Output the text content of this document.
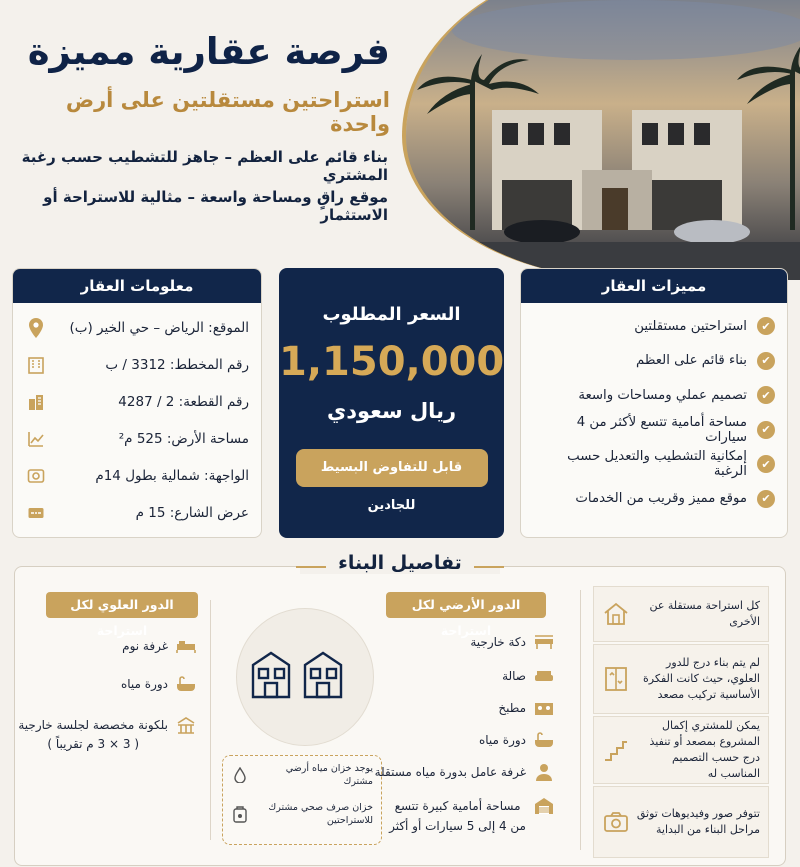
فرصة عقارية مميزة
استراحتين مستقلتين على أرض واحدة
بناء قائم على العظم – جاهز للتشطيب حسب رغبة المشتري
موقع راقٍ ومساحة واسعة – مثالية للاستراحة أو الاستثمار
معلومات العقار
الموقع: الرياض – حي الخير (ب)
رقم المخطط: 3312 / ب
رقم القطعة: 2 / 4287
مساحة الأرض: 525 م²
الواجهة: شمالية بطول 14م
عرض الشارع: 15 م
السعر المطلوب
1,150,000
ريال سعودي
قابل للتفاوض البسيط للجادين
مميزات العقار
✔
استراحتين مستقلتين
✔
بناء قائم على العظم
✔
تصميم عملي ومساحات واسعة
✔
مساحة أمامية تتسع لأكثر من 4 سيارات
✔
إمكانية التشطيب والتعديل حسب الرغبة
✔
موقع مميز وقريب من الخدمات
تفاصيل البناء
الدور العلوي لكل استراحة
غرفة نوم
دورة مياه
بلكونة مخصصة لجلسة خارجية
( 3 × 3 م تقريباً )
يوجد خزان مياه أرضي مشترك
خزان صرف صحي مشترك للاستراحتين
الدور الأرضي لكل استراحة
دكة خارجية
صالة
مطبخ
دورة مياه
غرفة عامل بدورة مياه مستقلة
مساحة أمامية كبيرة تتسع
من 4 إلى 5 سيارات أو أكثر
كل استراحة مستقلة عن الأخرى
لم يتم بناء درج للدور العلوي، حيث كانت الفكرة الأساسية تركيب مصعد
يمكن للمشتري إكمال المشروع بمصعد أو تنفيذ درج حسب التصميم المناسب له
تتوفر صور وفيديوهات توثق مراحل البناء من البداية
